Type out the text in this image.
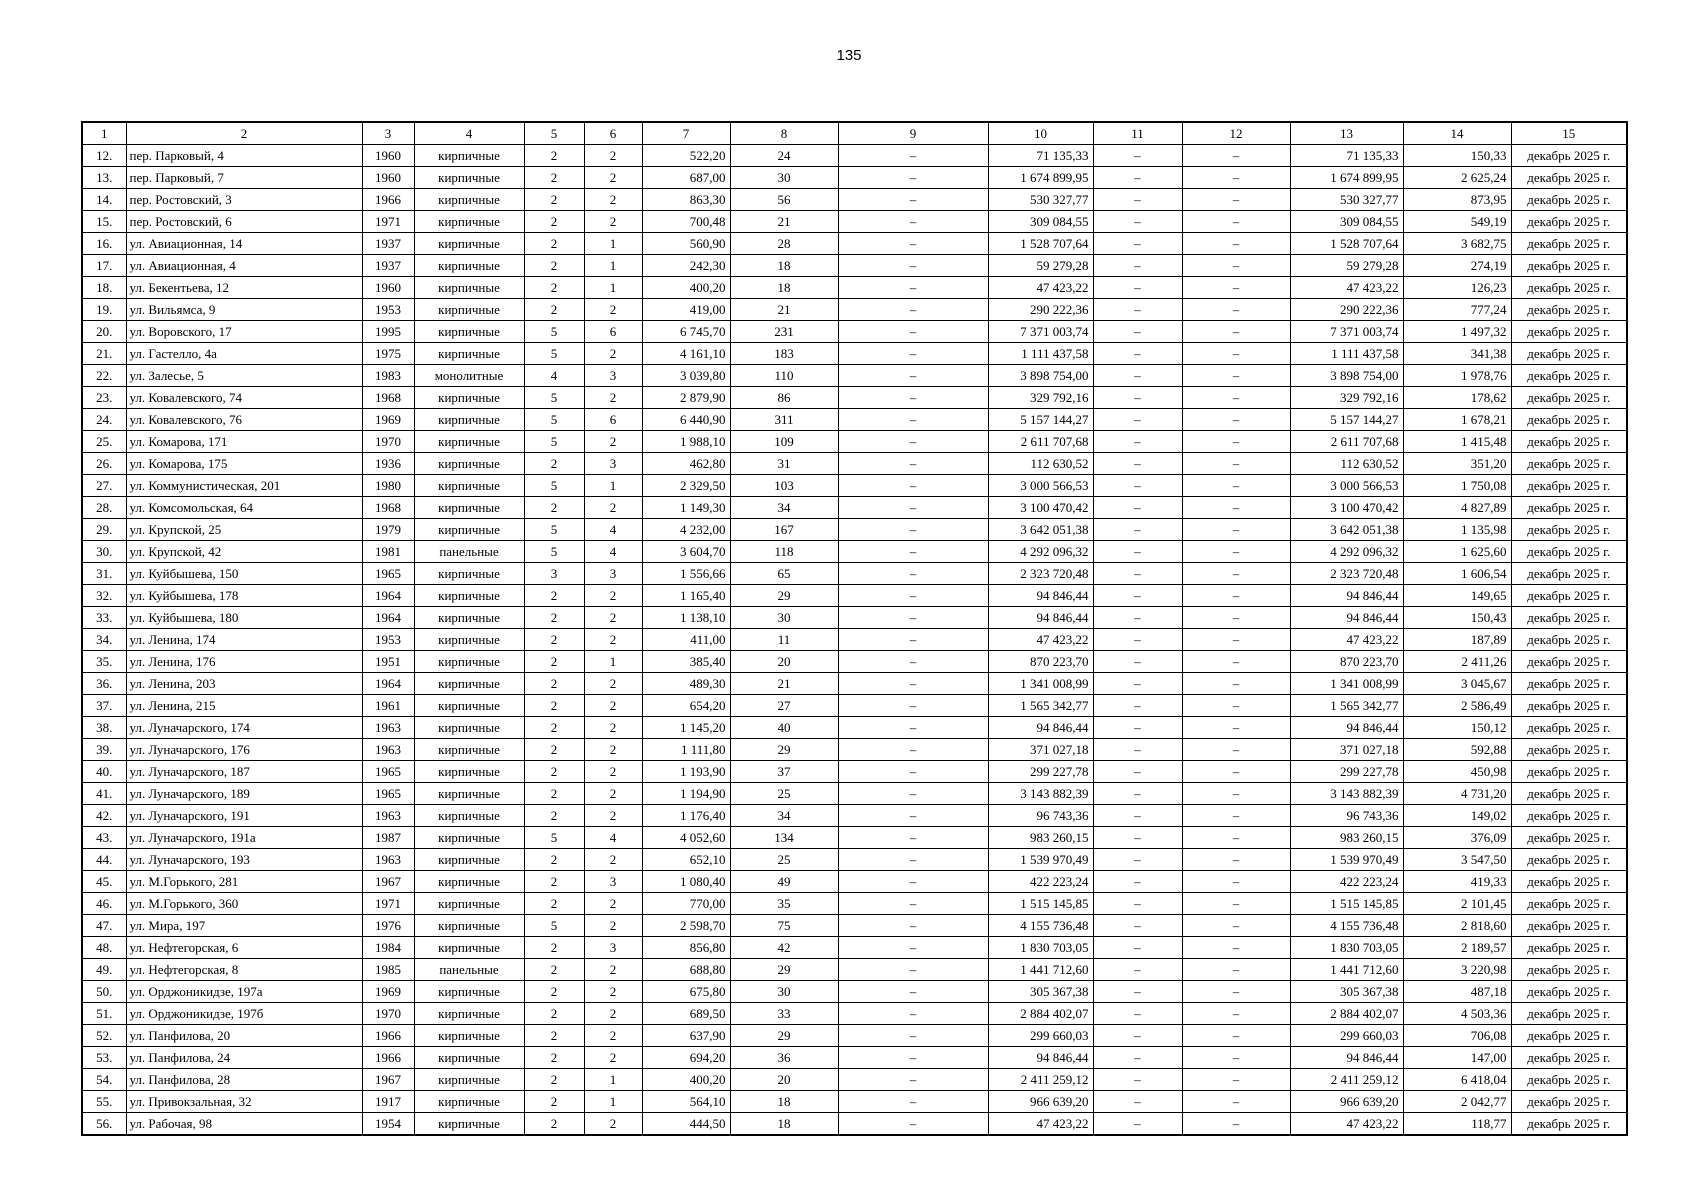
135
1	2	3	4	5	6	7	8	9	10	11	12	13	14	15
12.	пер. Парковый, 4	1960	кирпичные	2	2	522,20	24	–	71 135,33	–	–	71 135,33	150,33	декабрь 2025 г.
13.	пер. Парковый, 7	1960	кирпичные	2	2	687,00	30	–	1 674 899,95	–	–	1 674 899,95	2 625,24	декабрь 2025 г.
14.	пер. Ростовский, 3	1966	кирпичные	2	2	863,30	56	–	530 327,77	–	–	530 327,77	873,95	декабрь 2025 г.
15.	пер. Ростовский, 6	1971	кирпичные	2	2	700,48	21	–	309 084,55	–	–	309 084,55	549,19	декабрь 2025 г.
16.	ул. Авиационная, 14	1937	кирпичные	2	1	560,90	28	–	1 528 707,64	–	–	1 528 707,64	3 682,75	декабрь 2025 г.
17.	ул. Авиационная, 4	1937	кирпичные	2	1	242,30	18	–	59 279,28	–	–	59 279,28	274,19	декабрь 2025 г.
18.	ул. Бекентьева, 12	1960	кирпичные	2	1	400,20	18	–	47 423,22	–	–	47 423,22	126,23	декабрь 2025 г.
19.	ул. Вильямса, 9	1953	кирпичные	2	2	419,00	21	–	290 222,36	–	–	290 222,36	777,24	декабрь 2025 г.
20.	ул. Воровского, 17	1995	кирпичные	5	6	6 745,70	231	–	7 371 003,74	–	–	7 371 003,74	1 497,32	декабрь 2025 г.
21.	ул. Гастелло, 4а	1975	кирпичные	5	2	4 161,10	183	–	1 111 437,58	–	–	1 111 437,58	341,38	декабрь 2025 г.
22.	ул. Залесье, 5	1983	монолитные	4	3	3 039,80	110	–	3 898 754,00	–	–	3 898 754,00	1 978,76	декабрь 2025 г.
23.	ул. Ковалевского, 74	1968	кирпичные	5	2	2 879,90	86	–	329 792,16	–	–	329 792,16	178,62	декабрь 2025 г.
24.	ул. Ковалевского, 76	1969	кирпичные	5	6	6 440,90	311	–	5 157 144,27	–	–	5 157 144,27	1 678,21	декабрь 2025 г.
25.	ул. Комарова, 171	1970	кирпичные	5	2	1 988,10	109	–	2 611 707,68	–	–	2 611 707,68	1 415,48	декабрь 2025 г.
26.	ул. Комарова, 175	1936	кирпичные	2	3	462,80	31	–	112 630,52	–	–	112 630,52	351,20	декабрь 2025 г.
27.	ул. Коммунистическая, 201	1980	кирпичные	5	1	2 329,50	103	–	3 000 566,53	–	–	3 000 566,53	1 750,08	декабрь 2025 г.
28.	ул. Комсомольская, 64	1968	кирпичные	2	2	1 149,30	34	–	3 100 470,42	–	–	3 100 470,42	4 827,89	декабрь 2025 г.
29.	ул. Крупской, 25	1979	кирпичные	5	4	4 232,00	167	–	3 642 051,38	–	–	3 642 051,38	1 135,98	декабрь 2025 г.
30.	ул. Крупской, 42	1981	панельные	5	4	3 604,70	118	–	4 292 096,32	–	–	4 292 096,32	1 625,60	декабрь 2025 г.
31.	ул. Куйбышева, 150	1965	кирпичные	3	3	1 556,66	65	–	2 323 720,48	–	–	2 323 720,48	1 606,54	декабрь 2025 г.
32.	ул. Куйбышева, 178	1964	кирпичные	2	2	1 165,40	29	–	94 846,44	–	–	94 846,44	149,65	декабрь 2025 г.
33.	ул. Куйбышева, 180	1964	кирпичные	2	2	1 138,10	30	–	94 846,44	–	–	94 846,44	150,43	декабрь 2025 г.
34.	ул. Ленина, 174	1953	кирпичные	2	2	411,00	11	–	47 423,22	–	–	47 423,22	187,89	декабрь 2025 г.
35.	ул. Ленина, 176	1951	кирпичные	2	1	385,40	20	–	870 223,70	–	–	870 223,70	2 411,26	декабрь 2025 г.
36.	ул. Ленина, 203	1964	кирпичные	2	2	489,30	21	–	1 341 008,99	–	–	1 341 008,99	3 045,67	декабрь 2025 г.
37.	ул. Ленина, 215	1961	кирпичные	2	2	654,20	27	–	1 565 342,77	–	–	1 565 342,77	2 586,49	декабрь 2025 г.
38.	ул. Луначарского, 174	1963	кирпичные	2	2	1 145,20	40	–	94 846,44	–	–	94 846,44	150,12	декабрь 2025 г.
39.	ул. Луначарского, 176	1963	кирпичные	2	2	1 111,80	29	–	371 027,18	–	–	371 027,18	592,88	декабрь 2025 г.
40.	ул. Луначарского, 187	1965	кирпичные	2	2	1 193,90	37	–	299 227,78	–	–	299 227,78	450,98	декабрь 2025 г.
41.	ул. Луначарского, 189	1965	кирпичные	2	2	1 194,90	25	–	3 143 882,39	–	–	3 143 882,39	4 731,20	декабрь 2025 г.
42.	ул. Луначарского, 191	1963	кирпичные	2	2	1 176,40	34	–	96 743,36	–	–	96 743,36	149,02	декабрь 2025 г.
43.	ул. Луначарского, 191а	1987	кирпичные	5	4	4 052,60	134	–	983 260,15	–	–	983 260,15	376,09	декабрь 2025 г.
44.	ул. Луначарского, 193	1963	кирпичные	2	2	652,10	25	–	1 539 970,49	–	–	1 539 970,49	3 547,50	декабрь 2025 г.
45.	ул. М.Горького, 281	1967	кирпичные	2	3	1 080,40	49	–	422 223,24	–	–	422 223,24	419,33	декабрь 2025 г.
46.	ул. М.Горького, 360	1971	кирпичные	2	2	770,00	35	–	1 515 145,85	–	–	1 515 145,85	2 101,45	декабрь 2025 г.
47.	ул. Мира, 197	1976	кирпичные	5	2	2 598,70	75	–	4 155 736,48	–	–	4 155 736,48	2 818,60	декабрь 2025 г.
48.	ул. Нефтегорская, 6	1984	кирпичные	2	3	856,80	42	–	1 830 703,05	–	–	1 830 703,05	2 189,57	декабрь 2025 г.
49.	ул. Нефтегорская, 8	1985	панельные	2	2	688,80	29	–	1 441 712,60	–	–	1 441 712,60	3 220,98	декабрь 2025 г.
50.	ул. Орджоникидзе, 197а	1969	кирпичные	2	2	675,80	30	–	305 367,38	–	–	305 367,38	487,18	декабрь 2025 г.
51.	ул. Орджоникидзе, 197б	1970	кирпичные	2	2	689,50	33	–	2 884 402,07	–	–	2 884 402,07	4 503,36	декабрь 2025 г.
52.	ул. Панфилова, 20	1966	кирпичные	2	2	637,90	29	–	299 660,03	–	–	299 660,03	706,08	декабрь 2025 г.
53.	ул. Панфилова, 24	1966	кирпичные	2	2	694,20	36	–	94 846,44	–	–	94 846,44	147,00	декабрь 2025 г.
54.	ул. Панфилова, 28	1967	кирпичные	2	1	400,20	20	–	2 411 259,12	–	–	2 411 259,12	6 418,04	декабрь 2025 г.
55.	ул. Привокзальная, 32	1917	кирпичные	2	1	564,10	18	–	966 639,20	–	–	966 639,20	2 042,77	декабрь 2025 г.
56.	ул. Рабочая, 98	1954	кирпичные	2	2	444,50	18	–	47 423,22	–	–	47 423,22	118,77	декабрь 2025 г.
